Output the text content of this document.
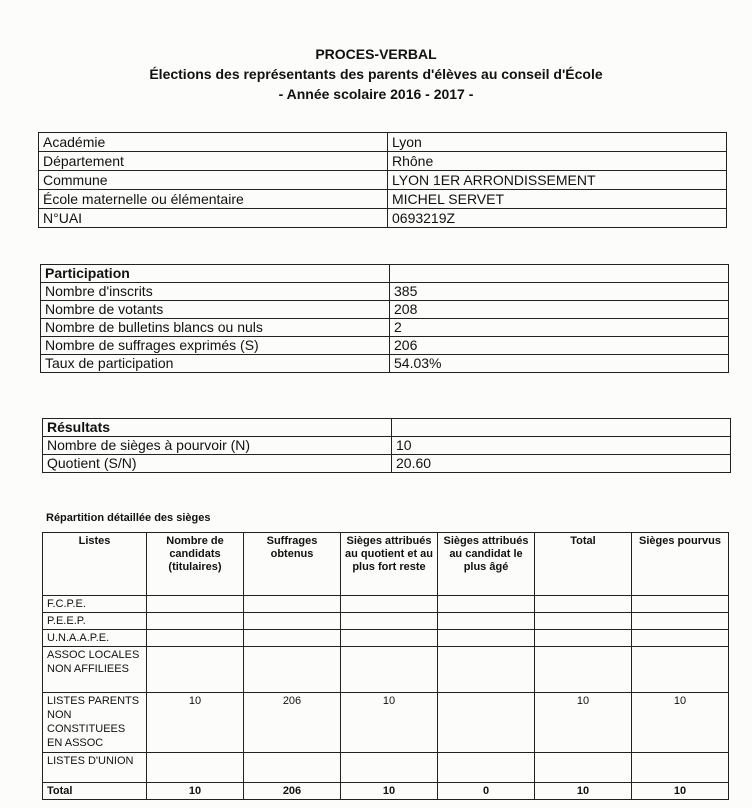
PROCES-VERBAL
Élections des représentants des parents d'élèves au conseil d'École
- Année scolaire 2016 - 2017 -
Académie	Lyon
Département	Rhône
Commune	LYON 1ER ARRONDISSEMENT
École maternelle ou élémentaire	MICHEL SERVET
N°UAI	0693219Z
Participation	
Nombre d'inscrits	385
Nombre de votants	208
Nombre de bulletins blancs ou nuls	2
Nombre de suffrages exprimés (S)	206
Taux de participation	54.03%
Résultats	
Nombre de sièges à pourvoir (N)	10
Quotient (S/N)	20.60
Répartition détaillée des sièges
Listes	Nombre de candidats (titulaires)	Suffrages obtenus	Sièges attribués au quotient et au plus fort reste	Sièges attribués au candidat le plus âgé	Total	Sièges pourvus
F.C.P.E.						
P.E.E.P.						
U.N.A.A.P.E.						
ASSOC LOCALES NON AFFILIEES						
LISTES PARENTS NON CONSTITUEES EN ASSOC	10	206	10		10	10
LISTES D'UNION						
Total	10	206	10	0	10	10
